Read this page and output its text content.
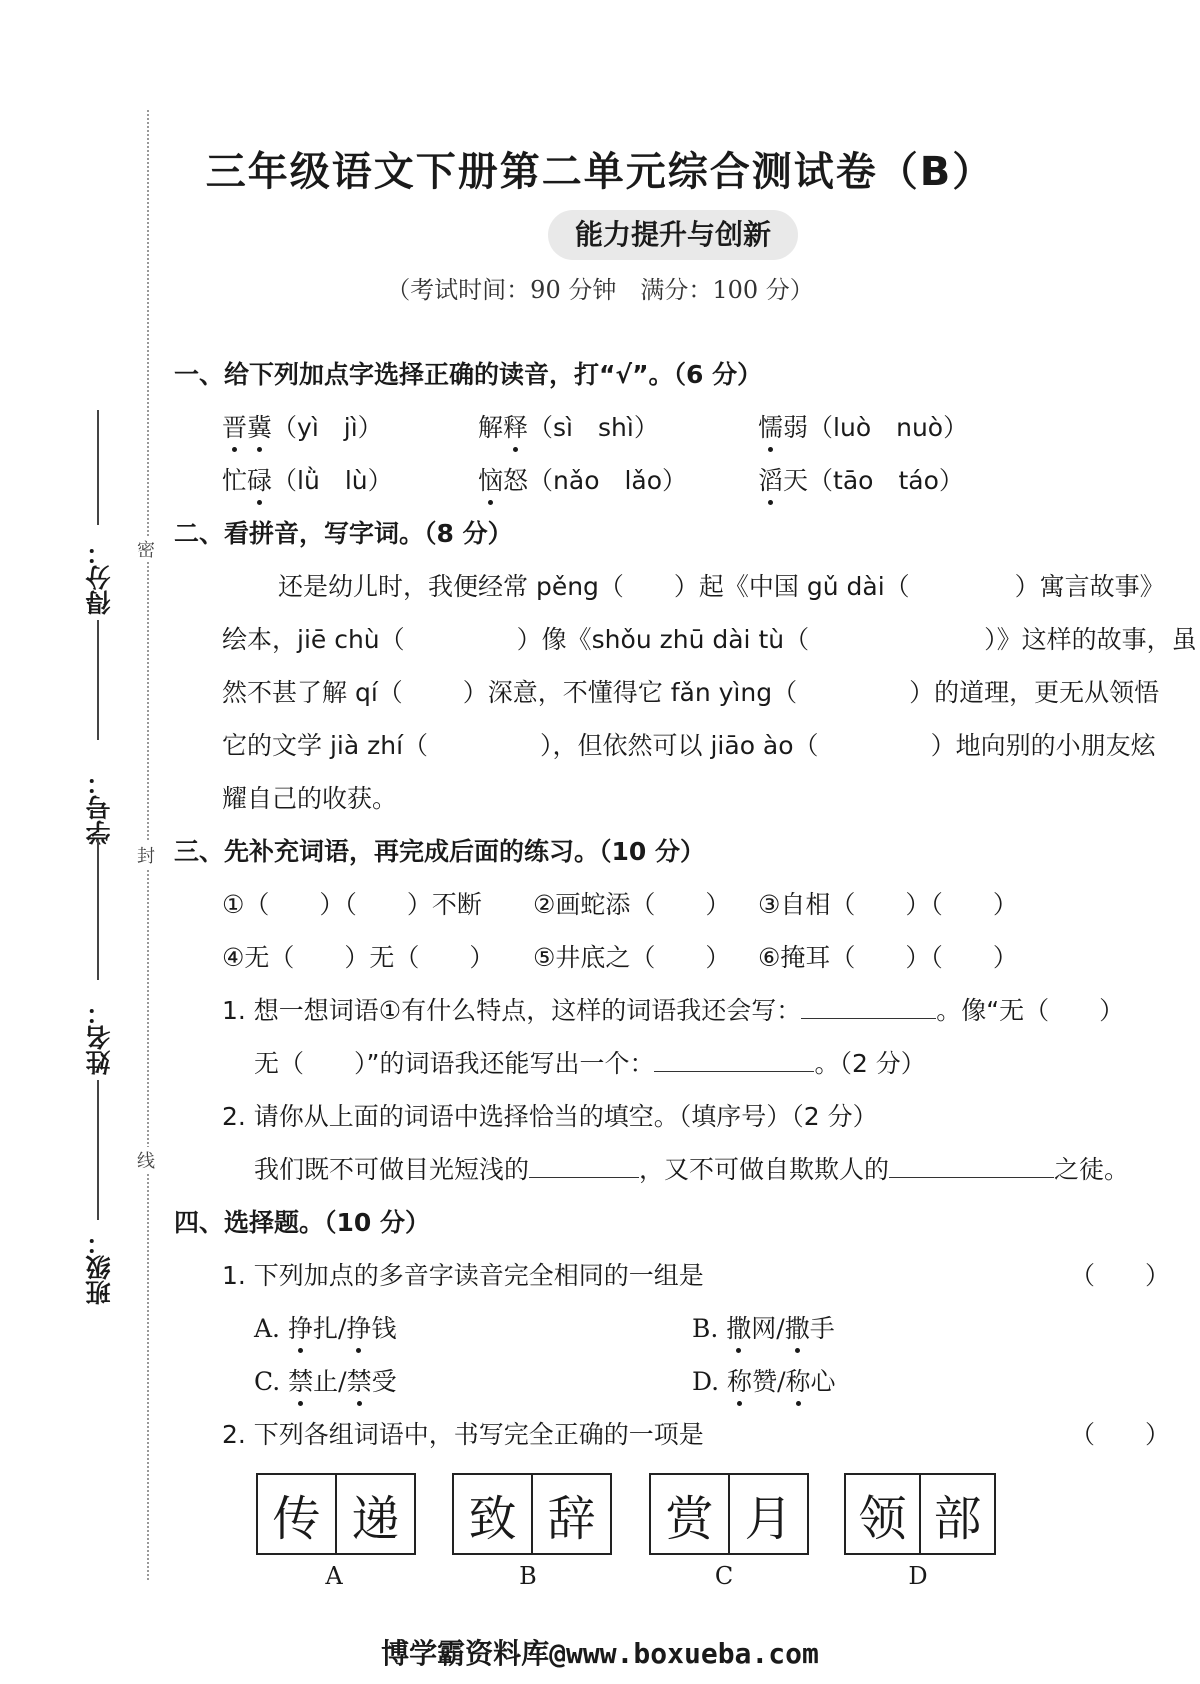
密
封
线
得分：
学号：
姓名：
班级：
三年级语文下册第二单元综合测试卷（B）
能力提升与创新
（考试时间：90 分钟　满分：100 分）
一、给下列加点字选择正确的读音，打“√”。（6 分）
晋冀（yì　jì）	解释（sì　shì）	懦弱（luò　nuò）
忙碌（lǜ　lù）	恼怒（nǎo　lǎo）	滔天（tāo　táo）
二、看拼音，写字词。（8 分）
还是幼儿时，我便经常 pěng（ ）起《中国 gǔ dài（	）寓言故事》
绘本，jiē chù（	）像《shǒu zhū dài tù（	）》这样的故事，虽
然不甚了解 qí（ ）深意，不懂得它 fǎn yìng（	）的道理，更无从领悟
它的文学 jià zhí（	），但依然可以 jiāo ào（	）地向别的小朋友炫
耀自己的收获。
三、先补充词语，再完成后面的练习。（10 分）
①（　　）（　　）不断 ②画蛇添（　　） ③自相（　　）（　　）
④无（　　）无（　　） ⑤井底之（　　） ⑥掩耳（　　）（　　）
1. 想一想词语①有什么特点，这样的词语我还会写：	。像“无（　　）
无（　　）”的词语我还能写出一个：	。（2 分）
2. 请你从上面的词语中选择恰当的填空。（填序号）（2 分）
我们既不可做目光短浅的	，又不可做自欺欺人的	之徒。
四、选择题。（10 分）
1. 下列加点的多音字读音完全相同的一组是	（　　）
A. 挣扎/挣钱	B. 撒网/撒手
C. 禁止/禁受	D. 称赞/称心
2. 下列各组词语中，书写完全正确的一项是	（　　）
传 递
A
致 辞
B
赏 月
C
领 部
D
博学霸资料库@www.boxueba.com
